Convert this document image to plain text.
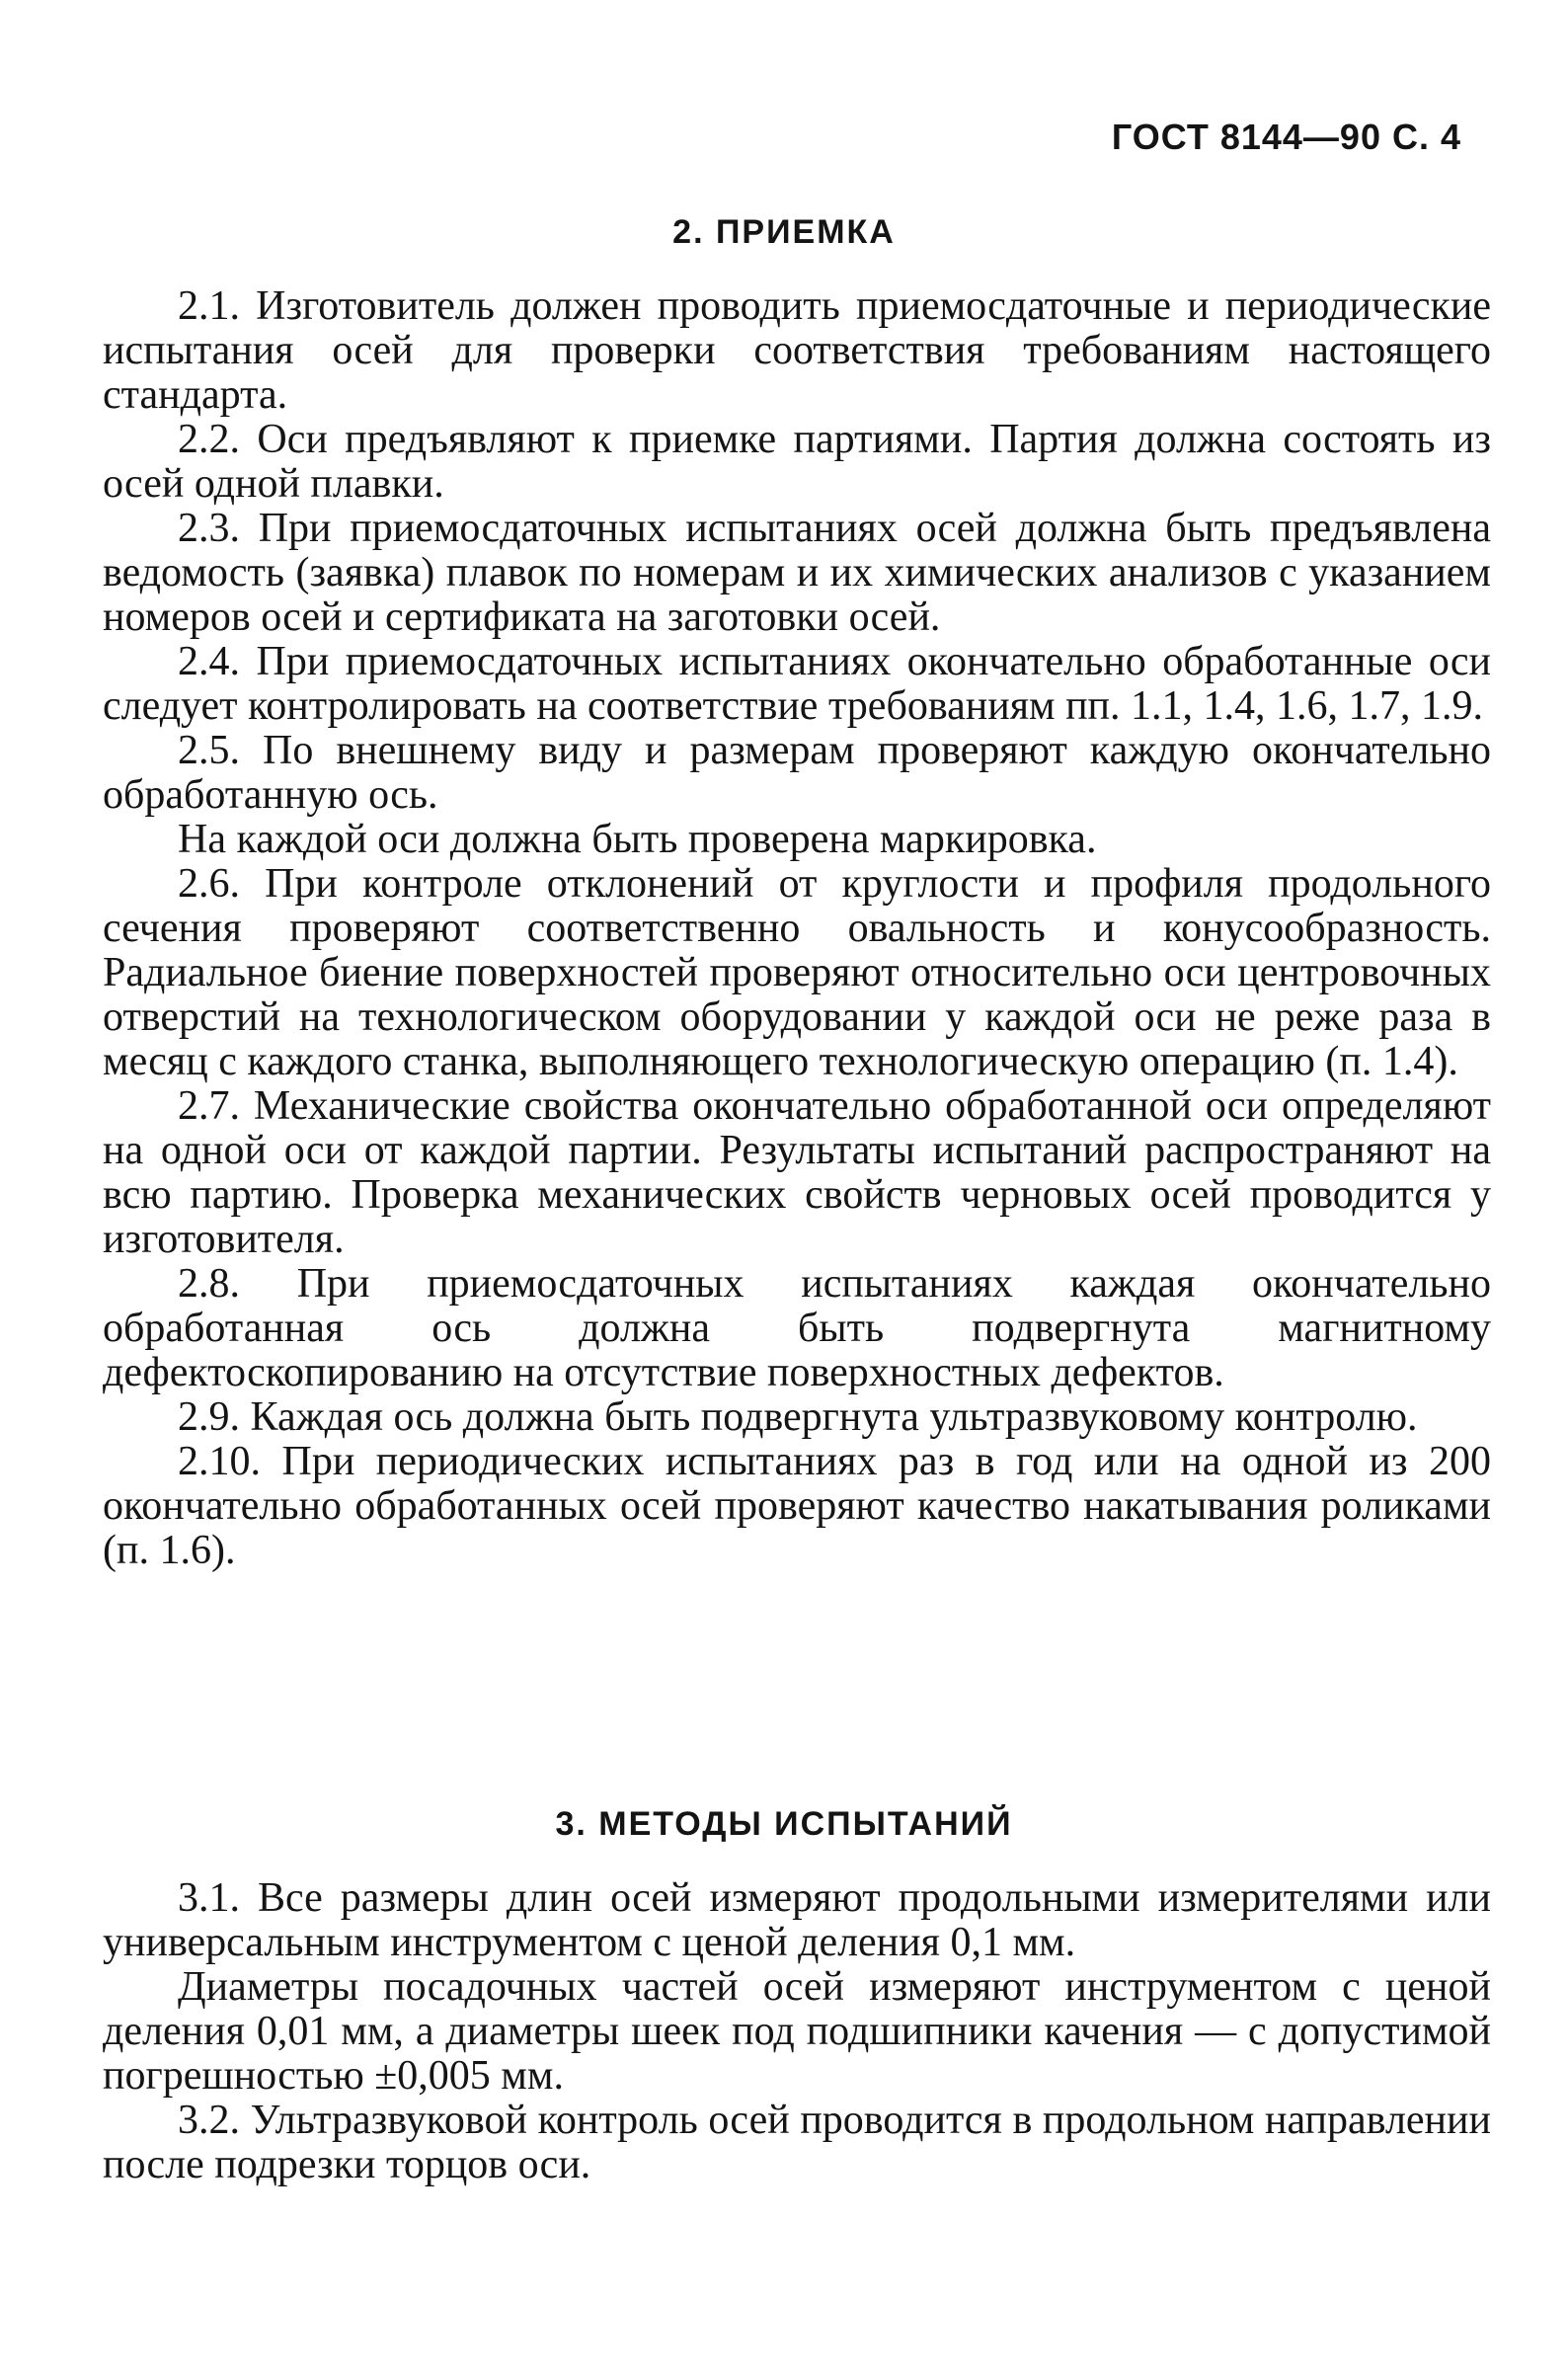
ГОСТ 8144—90 С. 4
2. ПРИЕМКА

2.1. Изготовитель должен проводить приемосдаточные и периодические испытания осей для проверки соответствия требованиям настоящего стандарта.

2.2. Оси предъявляют к приемке партиями. Партия должна состоять из осей одной плавки.

2.3. При приемосдаточных испытаниях осей должна быть предъявлена ведомость (заявка) плавок по номерам и их химических анализов с указанием номеров осей и сертификата на заготовки осей.

2.4. При приемосдаточных испытаниях окончательно обработанные оси следует контролировать на соответствие требованиям пп. 1.1, 1.4, 1.6, 1.7, 1.9.

2.5. По внешнему виду и размерам проверяют каждую окончательно обработанную ось.

На каждой оси должна быть проверена маркировка.

2.6. При контроле отклонений от круглости и профиля продольного сечения проверяют соответственно овальность и конусообразность. Радиальное биение поверхностей проверяют относительно оси центровочных отверстий на технологическом оборудовании у каждой оси не реже раза в месяц с каждого станка, выполняющего технологическую операцию (п. 1.4).

2.7. Механические свойства окончательно обработанной оси определяют на одной оси от каждой партии. Результаты испытаний распространяют на всю партию. Проверка механических свойств черновых осей проводится у изготовителя.

2.8. При приемосдаточных испытаниях каждая окончательно обработанная ось должна быть подвергнута магнитному дефектоскопированию на отсутствие поверхностных дефектов.

2.9. Каждая ось должна быть подвергнута ультразвуковому контролю.

2.10. При периодических испытаниях раз в год или на одной из 200 окончательно обработанных осей проверяют качество накатывания роликами (п. 1.6).

3. МЕТОДЫ ИСПЫТАНИЙ

3.1. Все размеры длин осей измеряют продольными измерителями или универсальным инструментом с ценой деления 0,1 мм.

Диаметры посадочных частей осей измеряют инструментом с ценой деления 0,01 мм, а диаметры шеек под подшипники качения — с допустимой погрешностью ±0,005 мм.

3.2. Ультразвуковой контроль осей проводится в продольном направлении после подрезки торцов оси.
